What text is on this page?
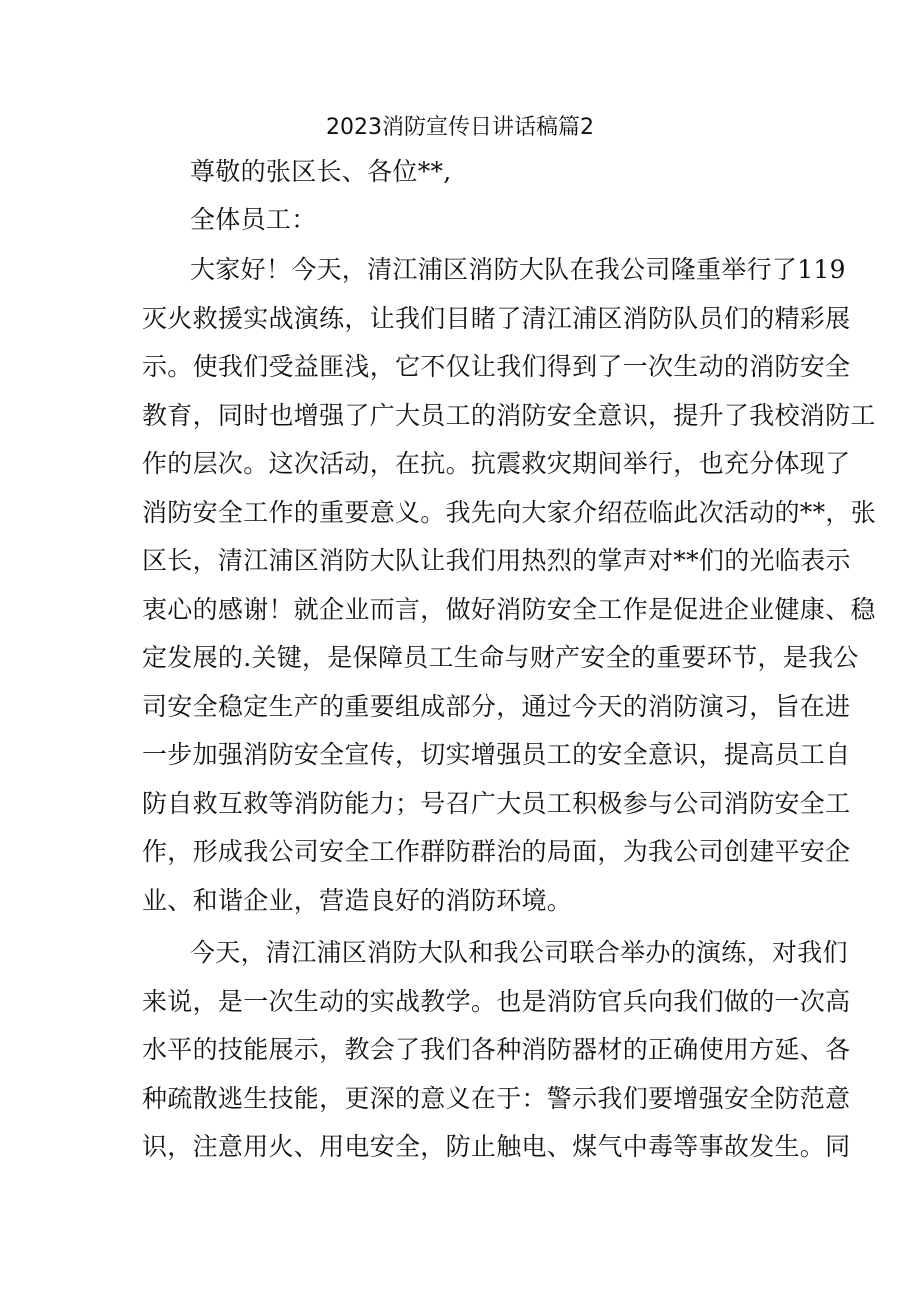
2023消防宣传日讲话稿篇2
尊敬的张区长、各位**,
全体员工：
大家好！今天，清江浦区消防大队在我公司隆重举行了119
灭火救援实战演练，让我们目睹了清江浦区消防队员们的精彩展
示。使我们受益匪浅，它不仅让我们得到了一次生动的消防安全
教育，同时也增强了广大员工的消防安全意识，提升了我校消防工
作的层次。这次活动，在抗。抗震救灾期间举行，也充分体现了
消防安全工作的重要意义。我先向大家介绍莅临此次活动的**，张
区长，清江浦区消防大队让我们用热烈的掌声对**们的光临表示
衷心的感谢！就企业而言，做好消防安全工作是促进企业健康、稳
定发展的.关键，是保障员工生命与财产安全的重要环节，是我公
司安全稳定生产的重要组成部分，通过今天的消防演习，旨在进
一步加强消防安全宣传，切实增强员工的安全意识，提高员工自
防自救互救等消防能力；号召广大员工积极参与公司消防安全工
作，形成我公司安全工作群防群治的局面，为我公司创建平安企
业、和谐企业，营造良好的消防环境。
今天，清江浦区消防大队和我公司联合举办的演练，对我们
来说，是一次生动的实战教学。也是消防官兵向我们做的一次高
水平的技能展示，教会了我们各种消防器材的正确使用方延、各
种疏散逃生技能，更深的意义在于：警示我们要增强安全防范意
识，注意用火、用电安全，防止触电、煤气中毒等事故发生。同
